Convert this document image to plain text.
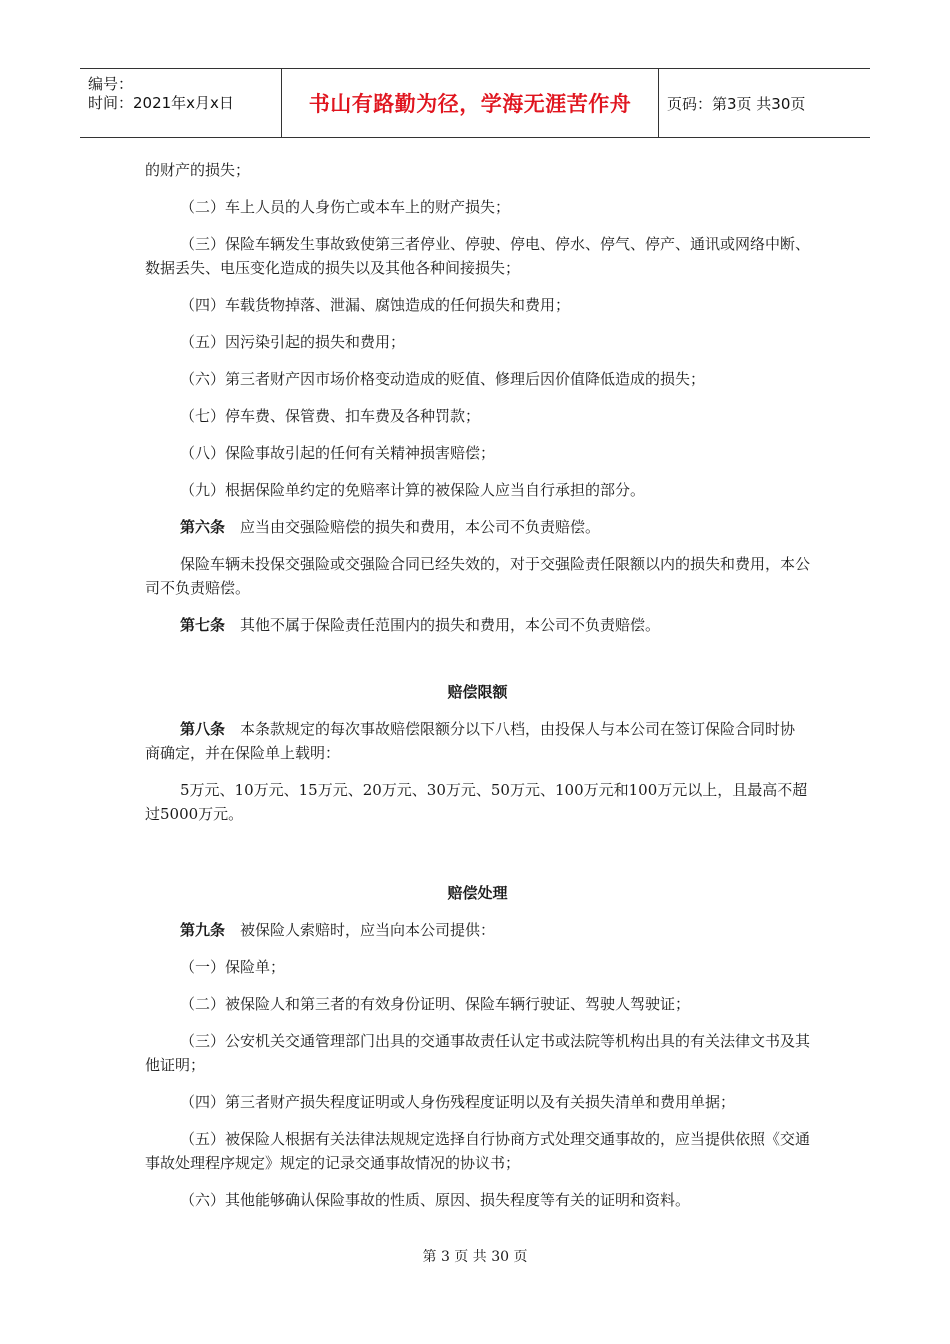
编号：
时间：2021年x月x日	书山有路勤为径，学海无涯苦作舟	页码：第3页 共30页

的财产的损失；

（二）车上人员的人身伤亡或本车上的财产损失；

（三）保险车辆发生事故致使第三者停业、停驶、停电、停水、停气、停产、通讯或网络中断、数据丢失、电压变化造成的损失以及其他各种间接损失；

（四）车载货物掉落、泄漏、腐蚀造成的任何损失和费用；

（五）因污染引起的损失和费用；

（六）第三者财产因市场价格变动造成的贬值、修理后因价值降低造成的损失；

（七）停车费、保管费、扣车费及各种罚款；

（八）保险事故引起的任何有关精神损害赔偿；

（九）根据保险单约定的免赔率计算的被保险人应当自行承担的部分。

第六条　应当由交强险赔偿的损失和费用，本公司不负责赔偿。

保险车辆未投保交强险或交强险合同已经失效的，对于交强险责任限额以内的损失和费用，本公司不负责赔偿。

第七条　其他不属于保险责任范围内的损失和费用，本公司不负责赔偿。

赔偿限额

第八条　本条款规定的每次事故赔偿限额分以下八档，由投保人与本公司在签订保险合同时协商确定，并在保险单上载明：

5万元、10万元、15万元、20万元、30万元、50万元、100万元和100万元以上，且最高不超过5000万元。

赔偿处理

第九条　被保险人索赔时，应当向本公司提供：

（一）保险单；

（二）被保险人和第三者的有效身份证明、保险车辆行驶证、驾驶人驾驶证；

（三）公安机关交通管理部门出具的交通事故责任认定书或法院等机构出具的有关法律文书及其他证明；

（四）第三者财产损失程度证明或人身伤残程度证明以及有关损失清单和费用单据；

（五）被保险人根据有关法律法规规定选择自行协商方式处理交通事故的，应当提供依照《交通事故处理程序规定》规定的记录交通事故情况的协议书；

（六）其他能够确认保险事故的性质、原因、损失程度等有关的证明和资料。

第 3 页 共 30 页
